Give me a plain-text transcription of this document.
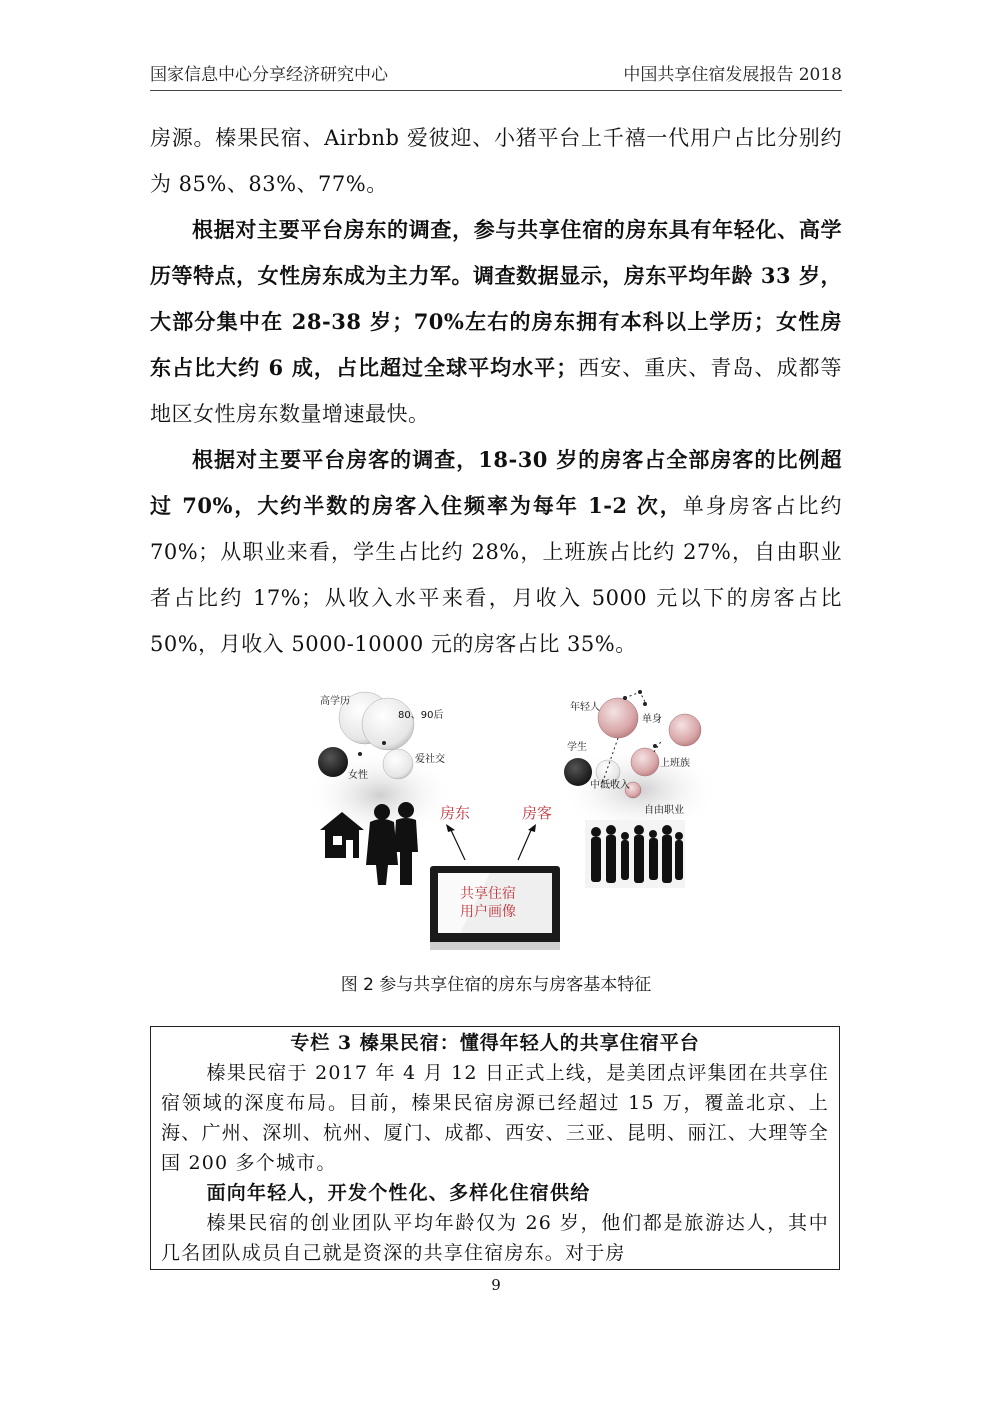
国家信息中心分享经济研究中心	中国共享住宿发展报告 2018

房源。榛果民宿、Airbnb 爱彼迎、小猪平台上千禧一代用户占比分别约为 85%、83%、77%。

根据对主要平台房东的调查，参与共享住宿的房东具有年轻化、高学历等特点，女性房东成为主力军。调查数据显示，房东平均年龄 33 岁，大部分集中在 28-38 岁；70%左右的房东拥有本科以上学历；女性房东占比大约 6 成，占比超过全球平均水平；西安、重庆、青岛、成都等地区女性房东数量增速最快。

根据对主要平台房客的调查，18-30 岁的房客占全部房客的比例超过 70%，大约半数的房客入住频率为每年 1-2 次，单身房客占比约 70%；从职业来看，学生占比约 28%，上班族占比约 27%，自由职业者占比约 17%；从收入水平来看，月收入 5000 元以下的房客占比 50%，月收入 5000-10000 元的房客占比 35%。

高学历
80、90后
爱社交
女性
年轻人
单身
学生
上班族
中低收入
自由职业
房东	房客
共享住宿
用户画像
图 2 参与共享住宿的房东与房客基本特征

专栏 3 榛果民宿：懂得年轻人的共享住宿平台

榛果民宿于 2017 年 4 月 12 日正式上线，是美团点评集团在共享住宿领域的深度布局。目前，榛果民宿房源已经超过 15 万，覆盖北京、上海、广州、深圳、杭州、厦门、成都、西安、三亚、昆明、丽江、大理等全国 200 多个城市。

面向年轻人，开发个性化、多样化住宿供给

榛果民宿的创业团队平均年龄仅为 26 岁，他们都是旅游达人，其中几名团队成员自己就是资深的共享住宿房东。对于房

9
